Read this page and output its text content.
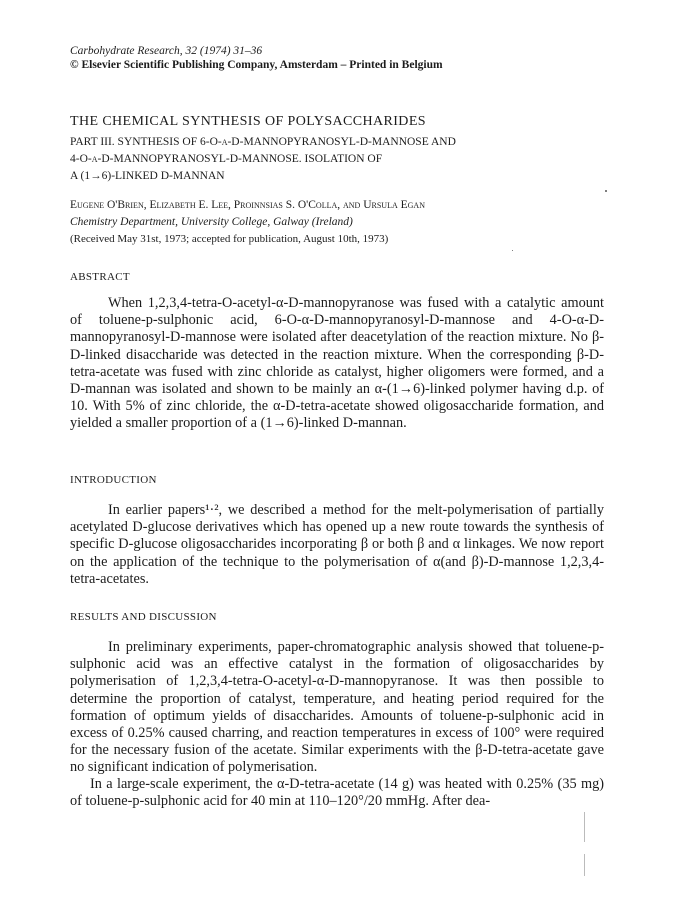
Carbohydrate Research, 32 (1974) 31–36
© Elsevier Scientific Publishing Company, Amsterdam – Printed in Belgium
THE CHEMICAL SYNTHESIS OF POLYSACCHARIDES
PART III. SYNTHESIS OF 6-O-α-D-MANNOPYRANOSYL-D-MANNOSE AND
4-O-α-D-MANNOPYRANOSYL-D-MANNOSE. ISOLATION OF
A (1→6)-LINKED D-MANNAN
Eugene O'Brien, Elizabeth E. Lee, Proinnsias S. O'Colla, and Ursula Egan
Chemistry Department, University College, Galway (Ireland)
(Received May 31st, 1973; accepted for publication, August 10th, 1973)
ABSTRACT
When 1,2,3,4-tetra-O-acetyl-α-D-mannopyranose was fused with a catalytic amount of toluene-p-sulphonic acid, 6-O-α-D-mannopyranosyl-D-mannose and 4-O-α-D-mannopyranosyl-D-mannose were isolated after deacetylation of the reaction mixture. No β-D-linked disaccharide was detected in the reaction mixture. When the corresponding β-D-tetra-acetate was fused with zinc chloride as catalyst, higher oligomers were formed, and a D-mannan was isolated and shown to be mainly an α-(1→6)-linked polymer having d.p. of 10. With 5% of zinc chloride, the α-D-tetra-acetate showed oligosaccharide formation, and yielded a smaller proportion of a (1→6)-linked D-mannan.
INTRODUCTION
In earlier papers¹·², we described a method for the melt-polymerisation of partially acetylated D-glucose derivatives which has opened up a new route towards the synthesis of specific D-glucose oligosaccharides incorporating β or both β and α linkages. We now report on the application of the technique to the polymerisation of α(and β)-D-mannose 1,2,3,4-tetra-acetates.
RESULTS AND DISCUSSION
In preliminary experiments, paper-chromatographic analysis showed that toluene-p-sulphonic acid was an effective catalyst in the formation of oligosaccharides by polymerisation of 1,2,3,4-tetra-O-acetyl-α-D-mannopyranose. It was then possible to determine the proportion of catalyst, temperature, and heating period required for the formation of optimum yields of disaccharides. Amounts of toluene-p-sulphonic acid in excess of 0.25% caused charring, and reaction temperatures in excess of 100° were required for the necessary fusion of the acetate. Similar experiments with the β-D-tetra-acetate gave no significant indication of polymerisation.
In a large-scale experiment, the α-D-tetra-acetate (14 g) was heated with 0.25% (35 mg) of toluene-p-sulphonic acid for 40 min at 110–120°/20 mmHg. After dea-
